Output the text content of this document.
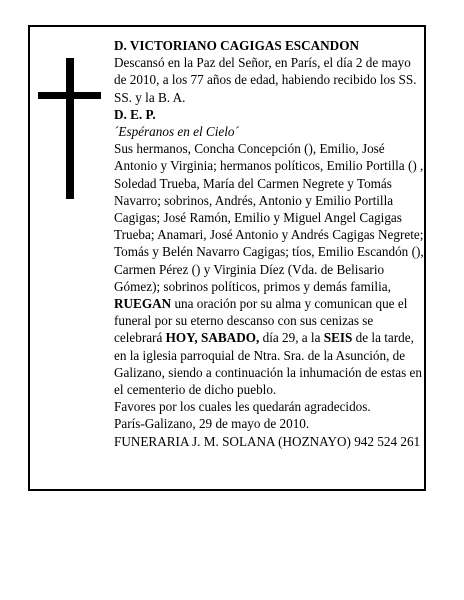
D. VICTORIANO CAGIGAS ESCANDON

Descansó en la Paz del Señor, en París, el día 2 de mayo de 2010, a los 77 años de edad, habiendo recibido los SS. SS. y la B. A.

D. E. P.

´Espéranos en el Cielo´

Sus hermanos, Concha Concepción (), Emilio, José Antonio y Virginia; hermanos políticos, Emilio Portilla () , Soledad Trueba, María del Carmen Negrete y Tomás Navarro; sobrinos, Andrés, Antonio y Emilio Portilla Cagigas; José Ramón, Emilio y Miguel Angel Cagigas Trueba; Anamari, José Antonio y Andrés Cagigas Negrete; Tomás y Belén Navarro Cagigas; tíos, Emilio Escandón (), Carmen Pérez () y Virginia Díez (Vda. de Belisario Gómez); sobrinos políticos, primos y demás familia,

RUEGAN una oración por su alma y comunican que el funeral por su eterno descanso con sus cenizas se celebrará HOY, SABADO, día 29, a la SEIS de la tarde, en la iglesia parroquial de Ntra. Sra. de la Asunción, de Galizano, siendo a continuación la inhumación de estas en el cementerio de dicho pueblo.

Favores por los cuales les quedarán agradecidos.

París-Galizano, 29 de mayo de 2010.

FUNERARIA J. M. SOLANA (HOZNAYO) 942 524 261
